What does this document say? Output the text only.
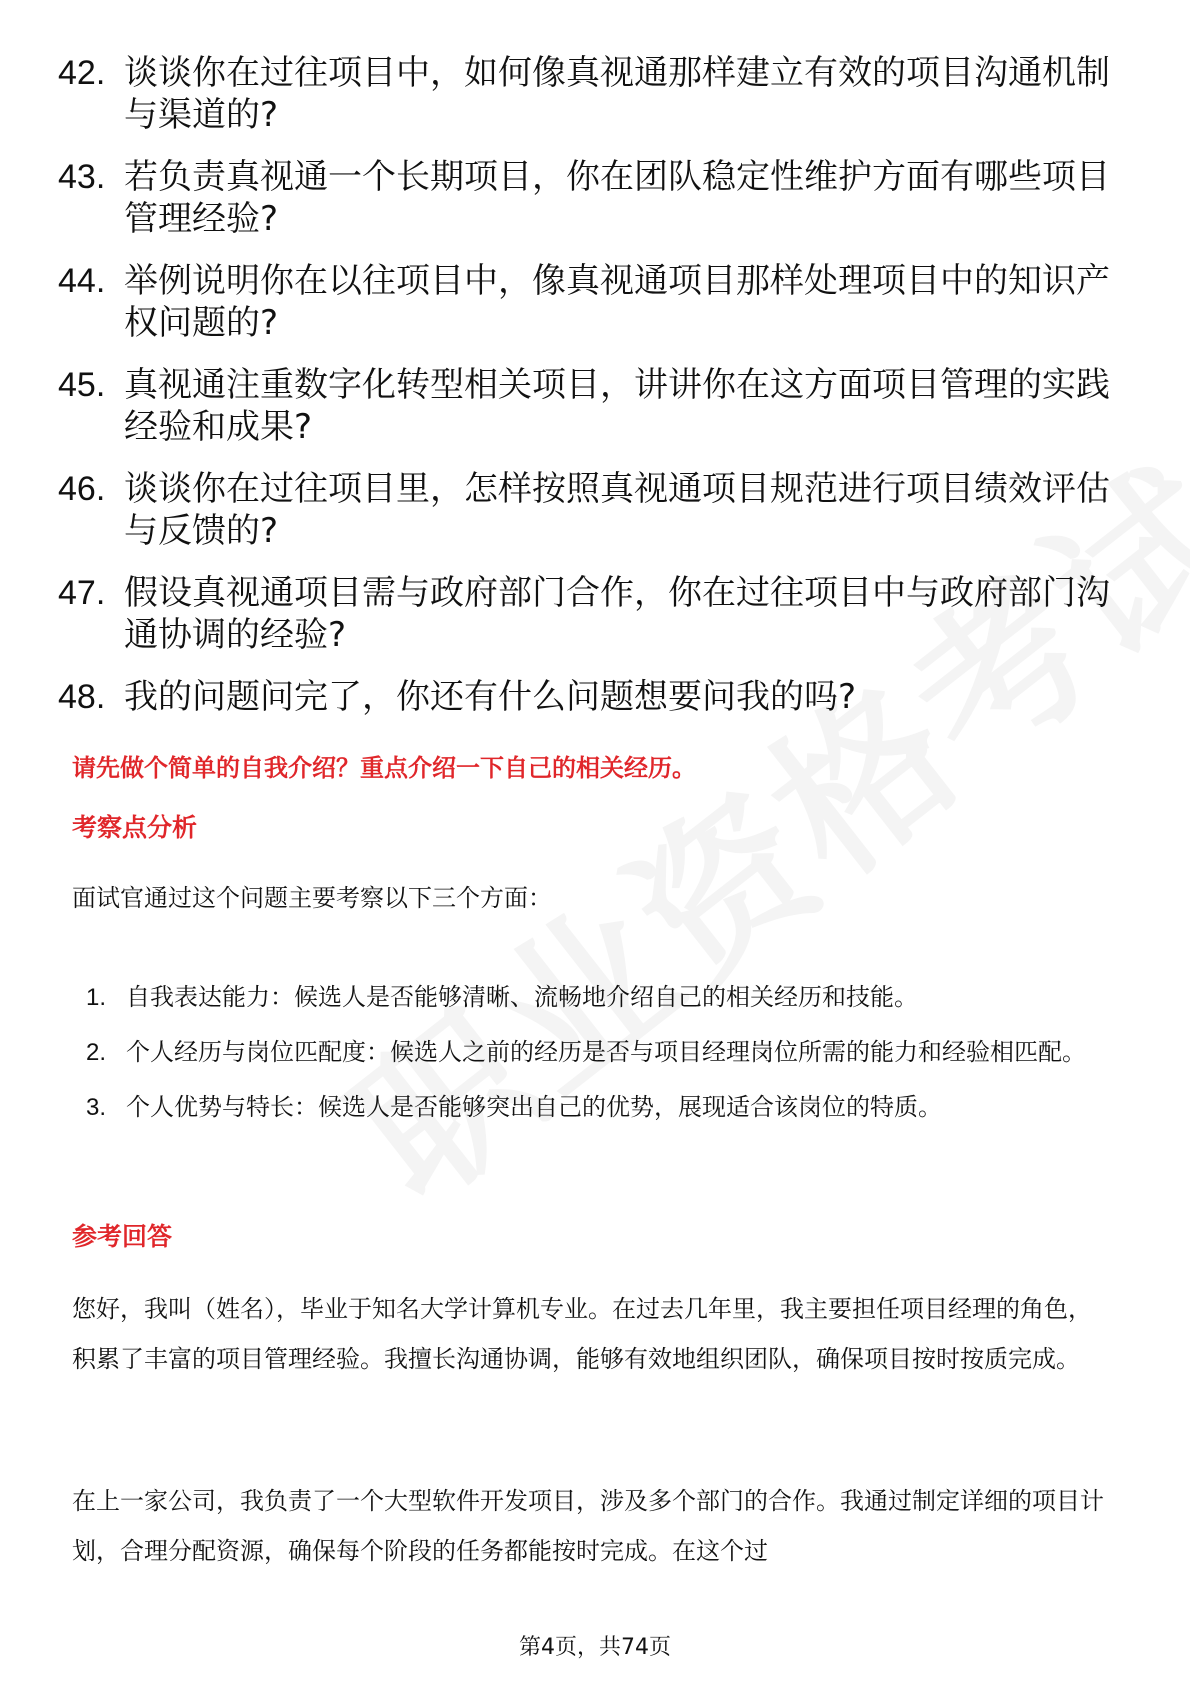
42. 谈谈你在过往项目中，如何像真视通那样建立有效的项目沟通机制与渠道的?
43. 若负责真视通一个长期项目，你在团队稳定性维护方面有哪些项目管理经验?
44. 举例说明你在以往项目中，像真视通项目那样处理项目中的知识产权问题的?
45. 真视通注重数字化转型相关项目，讲讲你在这方面项目管理的实践经验和成果?
46. 谈谈你在过往项目里，怎样按照真视通项目规范进行项目绩效评估与反馈的?
47. 假设真视通项目需与政府部门合作，你在过往项目中与政府部门沟通协调的经验?
48. 我的问题问完了，你还有什么问题想要问我的吗?
请先做个简单的自我介绍？重点介绍一下自己的相关经历。
考察点分析
面试官通过这个问题主要考察以下三个方面：
1. 自我表达能力：候选人是否能够清晰、流畅地介绍自己的相关经历和技能。
2. 个人经历与岗位匹配度：候选人之前的经历是否与项目经理岗位所需的能力和经验相匹配。
3. 个人优势与特长：候选人是否能够突出自己的优势，展现适合该岗位的特质。
参考回答
您好，我叫（姓名），毕业于知名大学计算机专业。在过去几年里，我主要担任项目经理的角色，积累了丰富的项目管理经验。我擅长沟通协调，能够有效地组织团队，确保项目按时按质完成。
在上一家公司，我负责了一个大型软件开发项目，涉及多个部门的合作。我通过制定详细的项目计划，合理分配资源，确保每个阶段的任务都能按时完成。在这个过
第4页，共74页
